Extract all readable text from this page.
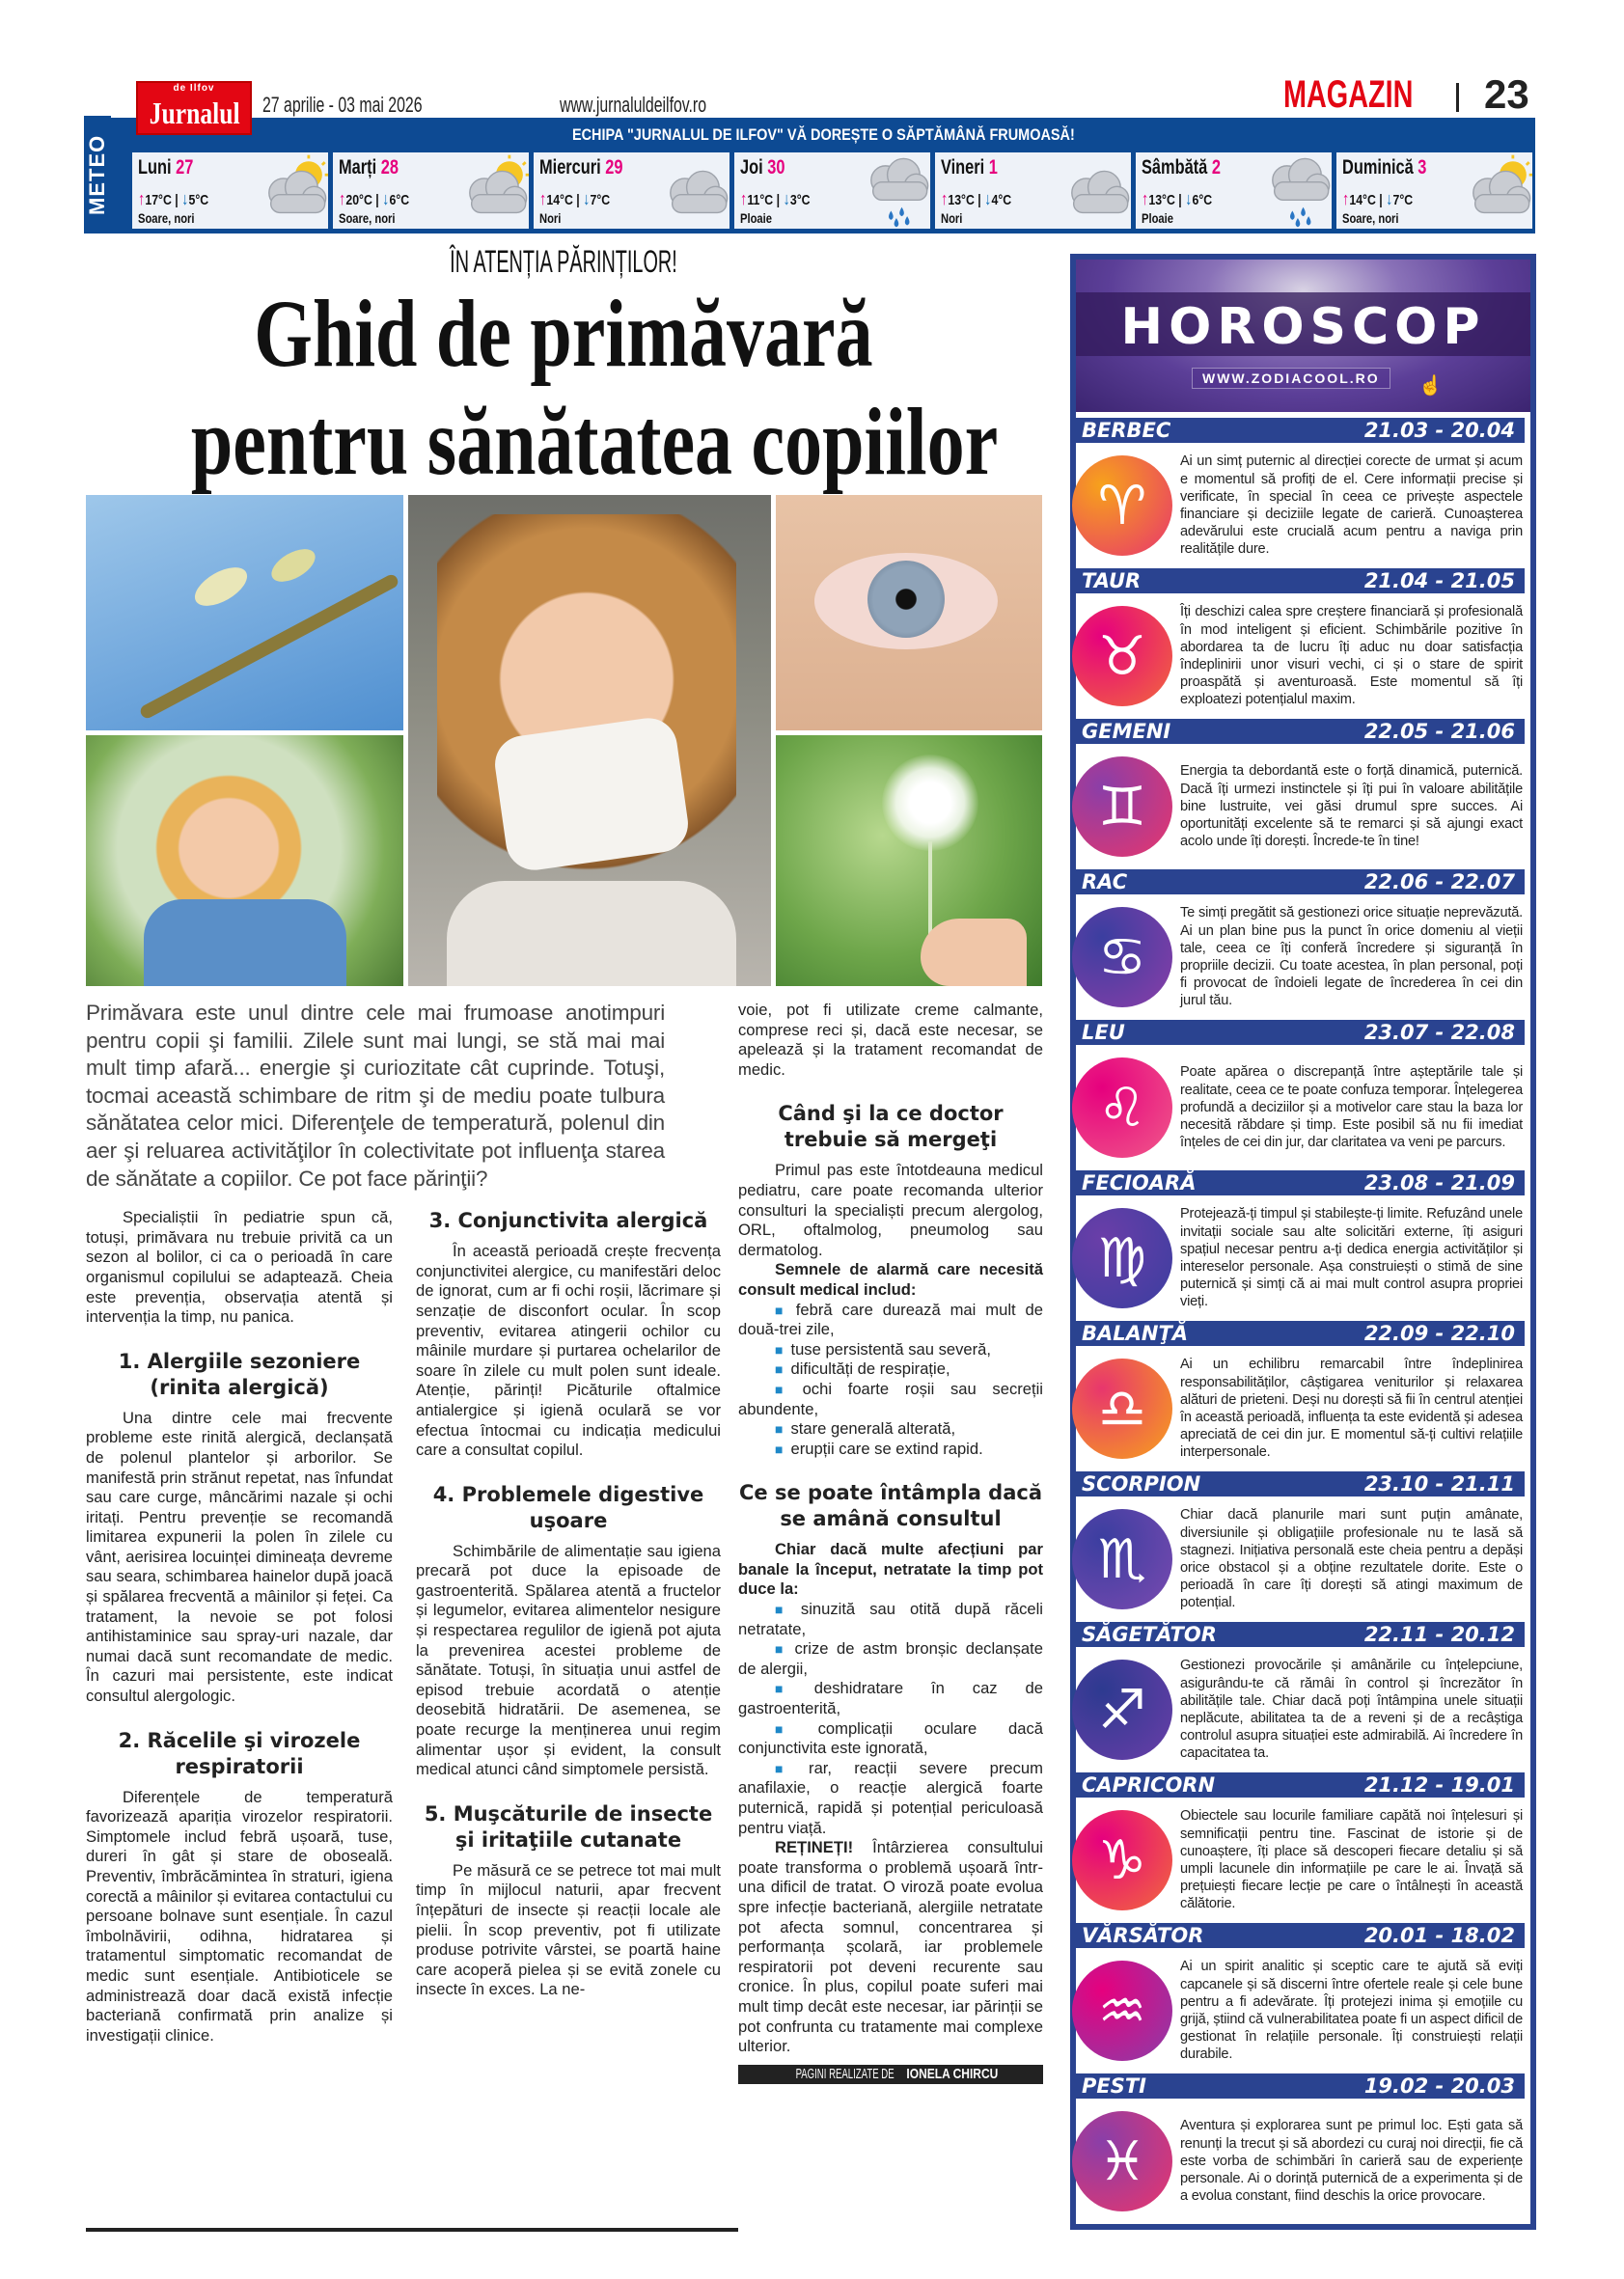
de Ilfov
Jurnalul	27 aprilie - 03 mai 2026	www.jurnaluldeilfov.ro	MAGAZIN 23
METEO	ECHIPA "JURNALUL DE ILFOV" VĂ DOREȘTE O SĂPTĂMÂNĂ FRUMOASĂ!
Luni 27
↑17°C | ↓5°C
Soare, nori
Marți 28
↑20°C | ↓6°C
Soare, nori
Miercuri 29
↑14°C | ↓7°C
Nori
Joi 30
↑11°C | ↓3°C
Ploaie
Vineri 1
↑13°C | ↓4°C
Nori
Sâmbătă 2
↑13°C | ↓6°C
Ploaie
Duminică 3
↑14°C | ↓7°C
Soare, nori
ÎN ATENȚIA PĂRINȚILOR!
Ghid de primăvară
pentru sănătatea copiilor
Primăvara este unul dintre cele mai frumoase anotimpuri pentru copii şi familii. Zilele sunt mai lungi, se stă mai mai mult timp afară... energie şi curiozitate cât cuprinde. Totuşi, tocmai această schimbare de ritm şi de mediu poate tulbura sănătatea celor mici. Diferenţele de temperatură, polenul din aer şi reluarea activităţilor în colectivitate pot influenţa starea de sănătate a copiilor. Ce pot face părinţii?

Specialiștii în pediatrie spun că, totuși, primăvara nu trebuie privită ca un sezon al bolilor, ci ca o perioadă în care organismul copilului se adaptează. Cheia este prevenția, observația atentă și intervenția la timp, nu panica.

1. Alergiile sezoniere (rinita alergică)

Una dintre cele mai frecvente probleme este rinită alergică, declanșată de polenul plantelor și arborilor. Se manifestă prin strănut repetat, nas înfundat sau care curge, mâncărimi nazale și ochi iritați. Pentru prevenție se recomandă limitarea expunerii la polen în zilele cu vânt, aerisirea locuinței dimineața devreme sau seara, schimbarea hainelor după joacă și spălarea frecventă a mâinilor și feței. Ca tratament, la nevoie se pot folosi antihistaminice sau spray-uri nazale, dar numai dacă sunt recomandate de medic. În cazuri mai persistente, este indicat consultul alergologic.

2. Răcelile şi virozele respiratorii

Diferențele de temperatură favorizează apariția virozelor respiratorii. Simptomele includ febră ușoară, tuse, dureri în gât și stare de oboseală. Preventiv, îmbrăcămintea în straturi, igiena corectă a mâinilor și evitarea contactului cu persoane bolnave sunt esențiale. În cazul îmbolnăvirii, odihna, hidratarea și tratamentul simptomatic recomandat de medic sunt esențiale. Antibioticele se administrează doar dacă există infecție bacteriană confirmată prin analize și investigații clinice.

3. Conjunctivita alergică

În această perioadă crește frecvența conjunctivitei alergice, cu manifestări deloc de ignorat, cum ar fi ochi roșii, lăcrimare și senzație de disconfort ocular. În scop preventiv, evitarea atingerii ochilor cu mâinile murdare și purtarea ochelarilor de soare în zilele cu mult polen sunt ideale. Atenție, părinți! Picăturile oftalmice antialergice și igienă oculară se vor efectua întocmai cu indicația medicului care a consultat copilul.

4. Problemele digestive uşoare

Schimbările de alimentație sau igiena precară pot duce la episoade de gastroenterită. Spălarea atentă a fructelor și legumelor, evitarea alimentelor nesigure și respectarea regulilor de igienă pot ajuta la prevenirea acestei probleme de sănătate. Totuși, în situația unui astfel de episod trebuie acordată o atenție deosebită hidratării. De asemenea, se poate recurge la menținerea unui regim alimentar ușor și evident, la consult medical atunci când simptomele persistă.

5. Muşcăturile de insecte şi iritaţiile cutanate

Pe măsură ce se petrece tot mai mult timp în mijlocul naturii, apar frecvent înțepături de insecte și reacții locale ale pielii. În scop preventiv, pot fi utilizate produse potrivite vârstei, se poartă haine care acoperă pielea și se evită zonele cu insecte în exces. La ne-

voie, pot fi utilizate creme calmante, comprese reci și, dacă este necesar, se apelează și la tratament recomandat de medic.

Când şi la ce doctor trebuie să mergeţi

Primul pas este întotdeauna medicul pediatru, care poate recomanda ulterior consulturi la specialiști precum alergolog, ORL, oftalmolog, pneumolog sau dermatolog.

Semnele de alarmă care necesită consult medical includ:

■ febră care durează mai mult de două-trei zile,

■ tuse persistentă sau severă,

■ dificultăți de respirație,

■ ochi foarte roșii sau secreții abundente,

■ stare generală alterată,

■ erupții care se extind rapid.

Ce se poate întâmpla dacă se amână consultul

Chiar dacă multe afecțiuni par banale la început, netratate la timp pot duce la:

■ sinuzită sau otită după răceli netratate,

■ crize de astm bronșic declanșate de alergii,

■ deshidratare în caz de gastroenterită,

■ complicații oculare dacă conjunctivita este ignorată,

■ rar, reacții severe precum anafilaxie, o reacție alergică foarte puternică, rapidă și potențial periculoasă pentru viață.

REȚINEȚI! Întârzierea consultului poate transforma o problemă ușoară într-una dificil de tratat. O viroză poate evolua spre infecție bacteriană, alergiile netratate pot afecta somnul, concentrarea și performanța școlară, iar problemele respiratorii pot deveni recurente sau cronice. În plus, copilul poate suferi mai mult timp decât este necesar, iar părinții se pot confrunta cu tratamente mai complexe ulterior.

PAGINI REALIZATE DEIONELA CHIRCU
HOROSCOP
WWW.ZODIACOOL.RO	☝
BERBEC	21.03 - 20.04
♈
Ai un simț puternic al direcției corecte de urmat și acum e momentul să profiți de el. Cere informații precise și verificate, în special în ceea ce privește aspectele financiare și deciziile legate de carieră. Cunoașterea adevărului este crucială acum pentru a naviga prin realitățile dure.
TAUR	21.04 - 21.05
♉
Îți deschizi calea spre creștere financiară și profesională în mod inteligent și eficient. Schimbările pozitive în abordarea ta de lucru îți aduc nu doar satisfacția îndeplinirii unor visuri vechi, ci și o stare de spirit proaspătă și aventuroasă. Este momentul să îți exploatezi potențialul maxim.
GEMENI	22.05 - 21.06
♊
Energia ta debordantă este o forță dinamică, puternică. Dacă îți urmezi instinctele și îți pui în valoare abilitățile bine lustruite, vei găsi drumul spre succes. Ai oportunități excelente să te remarci și să ajungi exact acolo unde îți dorești. Încrede-te în tine!
RAC	22.06 - 22.07
♋
Te simți pregătit să gestionezi orice situație neprevăzută. Ai un plan bine pus la punct în orice domeniu al vieții tale, ceea ce îți conferă încredere și siguranță în propriile decizii. Cu toate acestea, în plan personal, poți fi provocat de îndoieli legate de încrederea în cei din jurul tău.
LEU	23.07 - 22.08
♌
Poate apărea o discrepanță între așteptările tale și realitate, ceea ce te poate confuza temporar. Înțelegerea profundă a deciziilor și a motivelor care stau la baza lor necesită răbdare și timp. Este posibil să nu fii imediat înțeles de cei din jur, dar claritatea va veni pe parcurs.
FECIOARĂ	23.08 - 21.09
♍
Protejează-ți timpul și stabilește-ți limite. Refuzând unele invitații sociale sau alte solicitări externe, îți asiguri spațiul necesar pentru a-ți dedica energia activităților și intereselor personale. Așa construiești o stimă de sine puternică și simți că ai mai mult control asupra propriei vieți.
BALANŢĂ	22.09 - 22.10
♎
Ai un echilibru remarcabil între îndeplinirea responsabilităților, câștigarea veniturilor și relaxarea alături de prieteni. Deși nu dorești să fii în centrul atenției în această perioadă, influența ta este evidentă și adesea apreciată de cei din jur. E momentul să-ți cultivi relațiile interpersonale.
SCORPION	23.10 - 21.11
♏
Chiar dacă planurile mari sunt puțin amânate, diversiunile și obligațiile profesionale nu te lasă să stagnezi. Inițiativa personală este cheia pentru a depăși orice obstacol și a obține rezultatele dorite. Este o perioadă în care îți dorești să atingi maximum de potențial.
SĂGETĂTOR	22.11 - 20.12
♐
Gestionezi provocările și amânările cu înțelepciune, asigurându-te că rămâi în control și încrezător în abilitățile tale. Chiar dacă poți întâmpina unele situații neplăcute, abilitatea ta de a reveni și de a recâștiga controlul asupra situației este admirabilă. Ai încredere în capacitatea ta.
CAPRICORN	21.12 - 19.01
♑
Obiectele sau locurile familiare capătă noi înțelesuri și semnificații pentru tine. Fascinat de istorie și de cunoaștere, îți place să descoperi fiecare detaliu și să umpli lacunele din informațiile pe care le ai. Învață să prețuiești fiecare lecție pe care o întâlnești în această călătorie.
VĂRSĂTOR	20.01 - 18.02
♒
Ai un spirit analitic și sceptic care te ajută să eviți capcanele și să discerni între ofertele reale și cele bune pentru a fi adevărate. Îți protejezi inima și emoțiile cu grijă, știind că vulnerabilitatea poate fi un aspect dificil de gestionat în relațiile personale. Îți construiești relații durabile.
PESTI	19.02 - 20.03
♓
Aventura și explorarea sunt pe primul loc. Ești gata să renunți la trecut și să abordezi cu curaj noi direcții, fie că este vorba de schimbări în carieră sau de experiențe personale. Ai o dorință puternică de a experimenta și de a evolua constant, fiind deschis la orice provocare.
